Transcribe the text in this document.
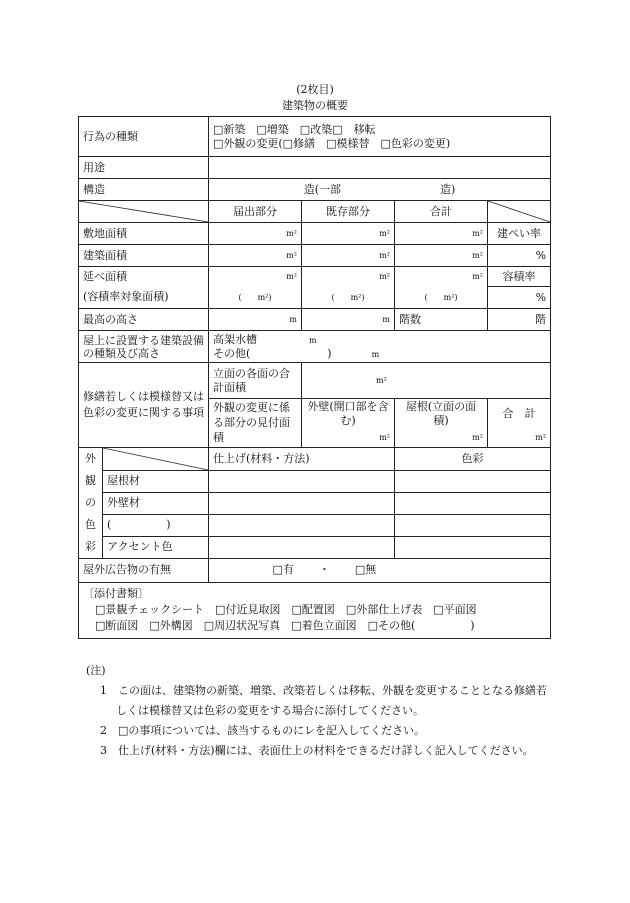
(2枚目)
建築物の概要
行為の種類		□新築　□増築　□改築□　移転
□外観の変更(□修繕　□模様替　□色彩の変更)			

用途					
構造		造(一部　　　　　　　　　造)			

	届出部分	既存部分	合計	

敷地面積		m²	m²	m²	建ぺい率
建築面積		m²	m²	m²	%
延べ面積		m²	m²	m²	容積率
(容積率対象面積)		(　　m²)	(　　m²)	(　　m²)	%
最高の高さ		m	m	階数	階
屋上に設置する建築設備の種類及び高さ		高架水槽 m
その他(　　　　　　　) m			

修繕若しくは模様替又は色彩の変更に関する事項		立面の各面の合計面積	m²		
		外観の変更に係る部分の見付面積	外壁(開口部を含む)	屋根(立面の面積)	合　計
			m²	m²	m²

外
観
の
色
彩		仕上げ(材料・方法)		色彩	
	屋根材				
	外壁材				
	(　　　　　)				
	アクセント色				
屋外広告物の有無		□有 ・ □無			

〔添付書類〕
□景観チェックシート　□付近見取図　□配置図　□外部仕上げ表　□平面図
□断面図　□外構図　□周辺状況写真　□着色立面図　□その他(　　　　　)					
(注)
1　この面は、建築物の新築、増築、改築若しくは移転、外観を変更することとなる修繕若しくは模様替又は色彩の変更をする場合に添付してください。
2　□の事項については、該当するものにレを記入してください。
3　仕上げ(材料・方法)欄には、表面仕上の材料をできるだけ詳しく記入してください。
